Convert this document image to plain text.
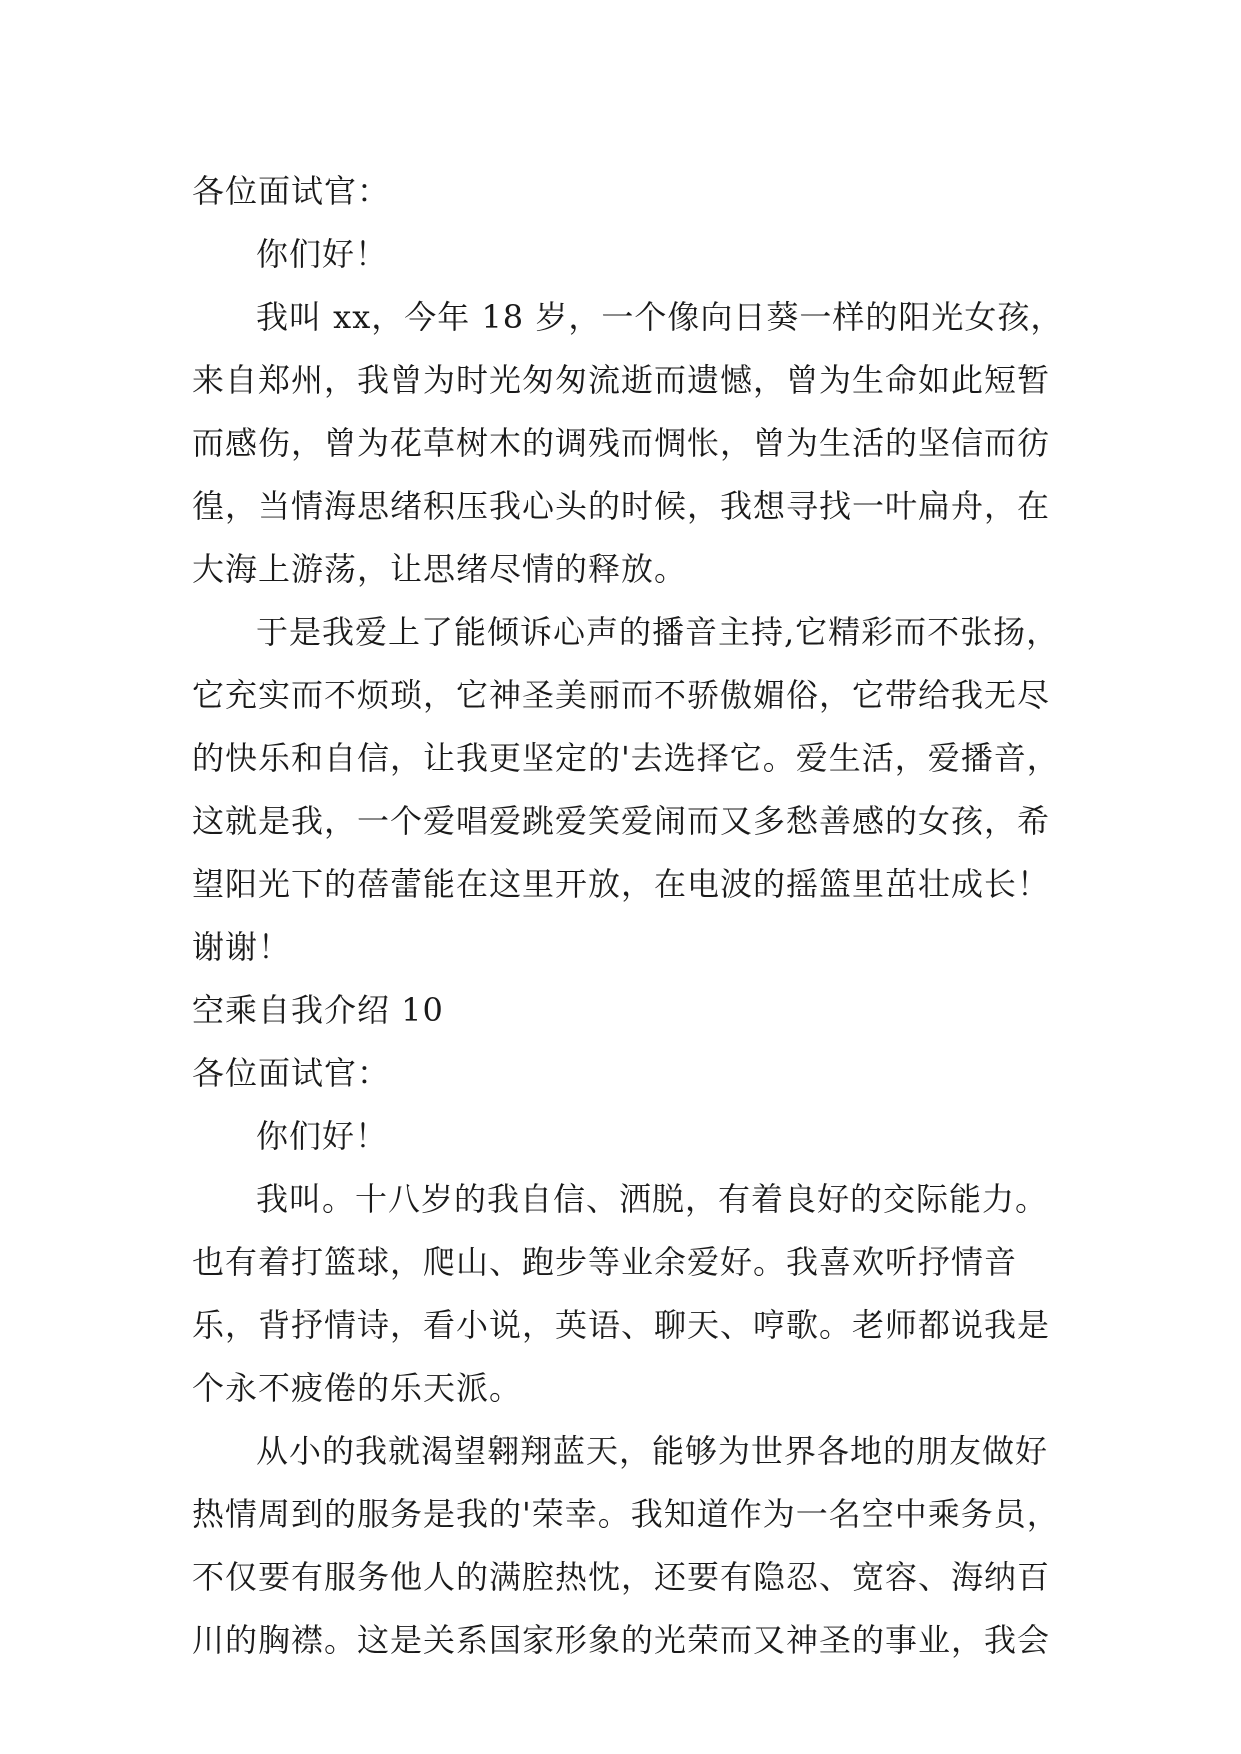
各位面试官：

你们好！

我叫 xx，今年 18 岁，一个像向日葵一样的阳光女孩，来自郑州，我曾为时光匆匆流逝而遗憾，曾为生命如此短暂而感伤，曾为花草树木的调残而惆怅，曾为生活的坚信而彷徨，当情海思绪积压我心头的时候，我想寻找一叶扁舟，在大海上游荡，让思绪尽情的释放。

于是我爱上了能倾诉心声的播音主持,它精彩而不张扬，它充实而不烦琐，它神圣美丽而不骄傲媚俗，它带给我无尽的快乐和自信，让我更坚定的'去选择它。爱生活，爱播音，这就是我，一个爱唱爱跳爱笑爱闹而又多愁善感的女孩，希望阳光下的蓓蕾能在这里开放，在电波的摇篮里茁壮成长！谢谢！

空乘自我介绍 10

各位面试官：

你们好！

我叫。十八岁的我自信、洒脱，有着良好的交际能力。也有着打篮球，爬山、跑步等业余爱好。我喜欢听抒情音乐，背抒情诗，看小说，英语、聊天、哼歌。老师都说我是个永不疲倦的乐天派。

从小的我就渴望翱翔蓝天，能够为世界各地的朋友做好热情周到的服务是我的'荣幸。我知道作为一名空中乘务员，不仅要有服务他人的满腔热忱，还要有隐忍、宽容、海纳百川的胸襟。这是关系国家形象的光荣而又神圣的事业，我会
